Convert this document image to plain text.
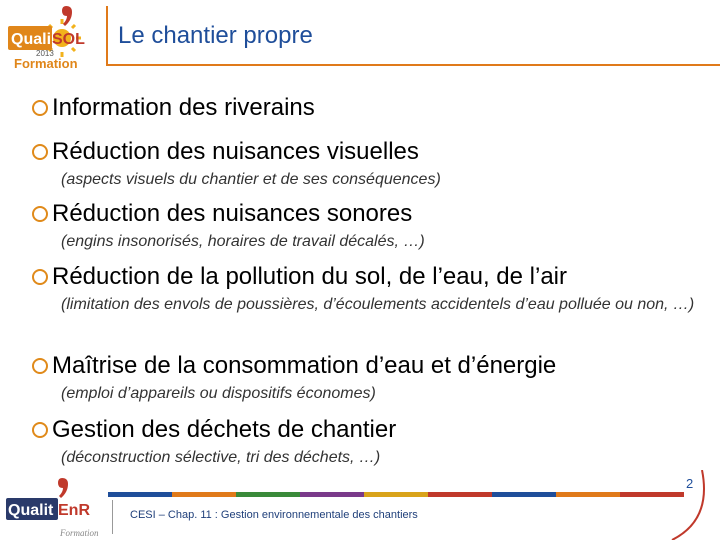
Quali SOL
2013
Formation
Le chantier propre
Information des riverains
Réduction des nuisances visuelles
(aspects visuels du chantier et de ses conséquences)
Réduction des nuisances sonores
(engins insonorisés, horaires de travail décalés, …)
Réduction de la pollution du sol, de l’eau, de l’air
(limitation des envols de poussières, d’écoulements accidentels d’eau polluée ou non, …)
Maîtrise de la consommation d’eau et d’énergie
(emploi d’appareils ou dispositifs économes)
Gestion des déchets de chantier
(déconstruction sélective, tri des déchets, …)
Qualit EnR
Formation
CESI – Chap. 11 : Gestion environnementale des chantiers
2
